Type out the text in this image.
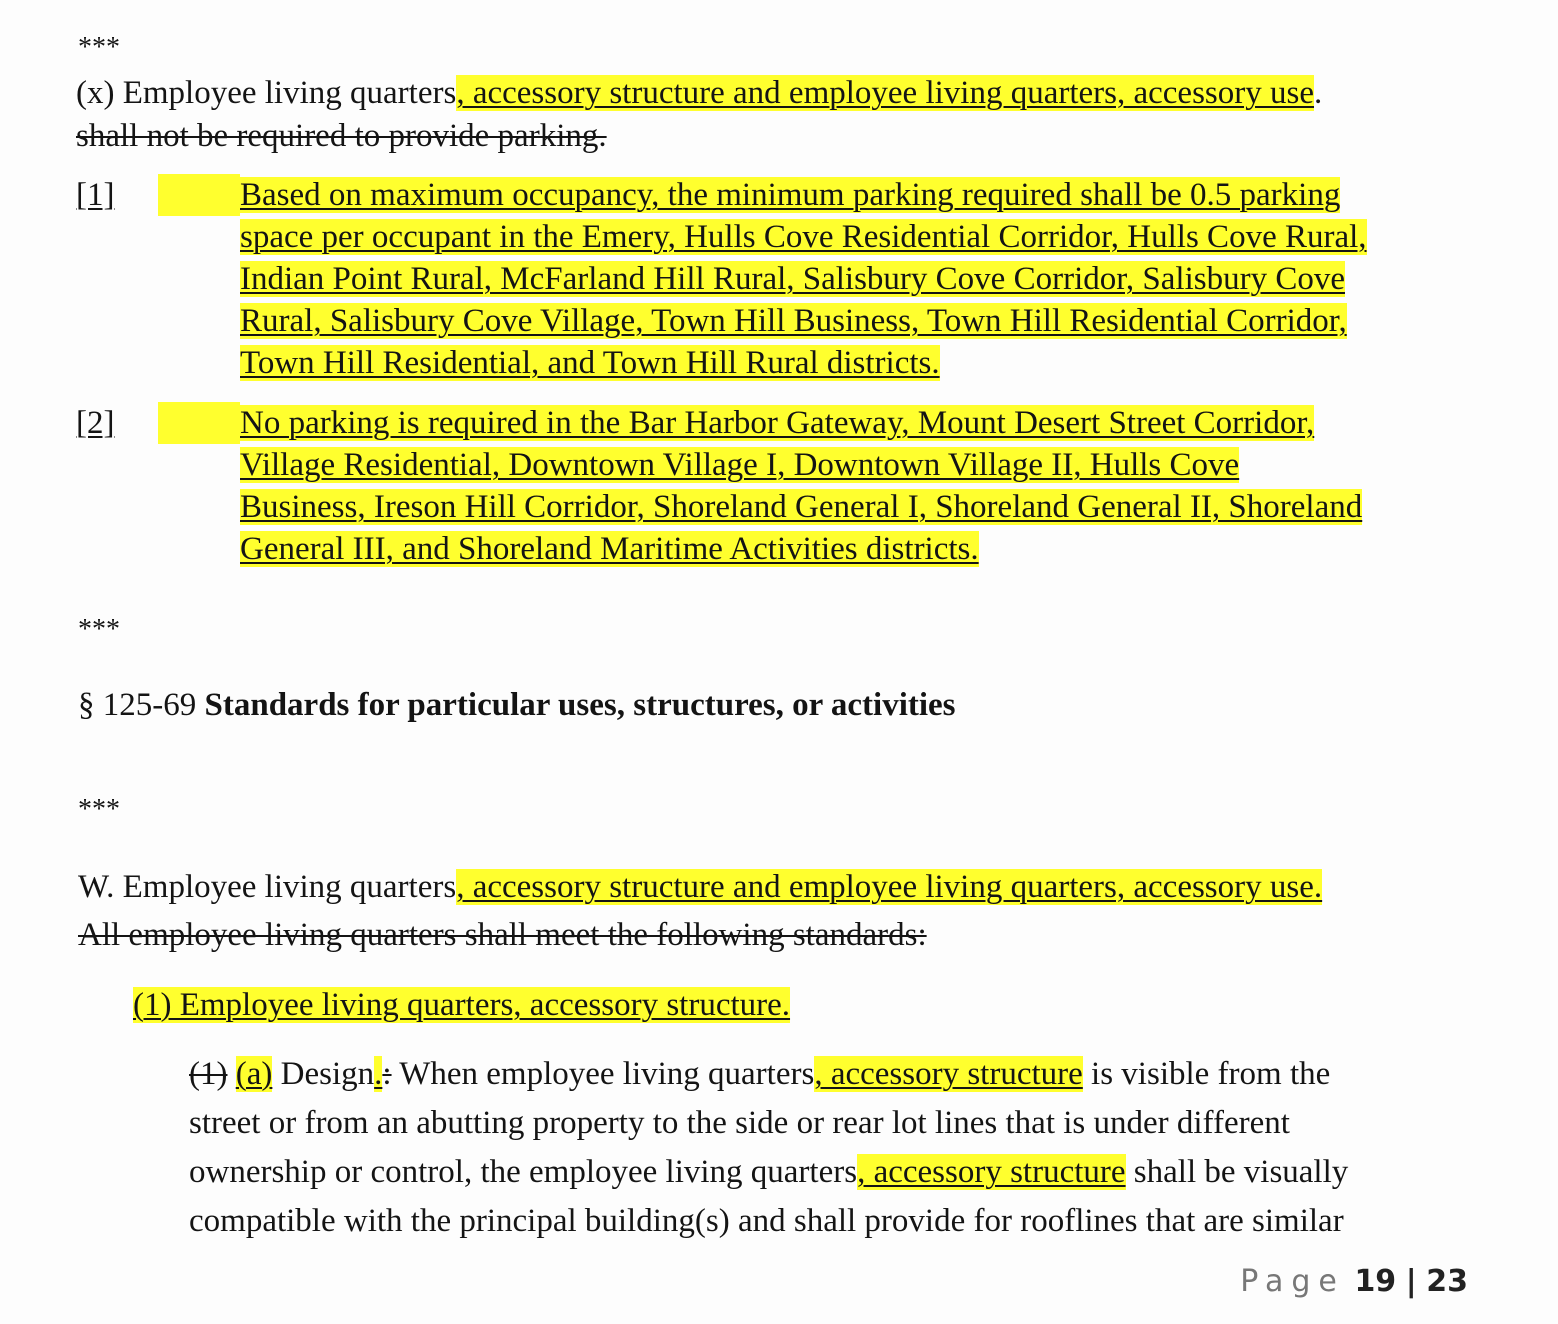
***
(x) Employee living quarters, accessory structure and employee living quarters, accessory use.
shall not be required to provide parking.
[1]	Based on maximum occupancy, the minimum parking required shall be 0.5 parking
space per occupant in the Emery, Hulls Cove Residential Corridor, Hulls Cove Rural,
Indian Point Rural, McFarland Hill Rural, Salisbury Cove Corridor, Salisbury Cove
Rural, Salisbury Cove Village, Town Hill Business, Town Hill Residential Corridor,
Town Hill Residential, and Town Hill Rural districts.
[2]	No parking is required in the Bar Harbor Gateway, Mount Desert Street Corridor,
Village Residential, Downtown Village I, Downtown Village II, Hulls Cove
Business, Ireson Hill Corridor, Shoreland General I, Shoreland General II, Shoreland
General III, and Shoreland Maritime Activities districts.
***
§ 125-69 Standards for particular uses, structures, or activities
***
W. Employee living quarters, accessory structure and employee living quarters, accessory use.
All employee living quarters shall meet the following standards:
(1) Employee living quarters, accessory structure.
(1) (a) Design.: When employee living quarters, accessory structure is visible from the
street or from an abutting property to the side or rear lot lines that is under different
ownership or control, the employee living quarters, accessory structure shall be visually
compatible with the principal building(s) and shall provide for rooflines that are similar
Page 19 | 23
